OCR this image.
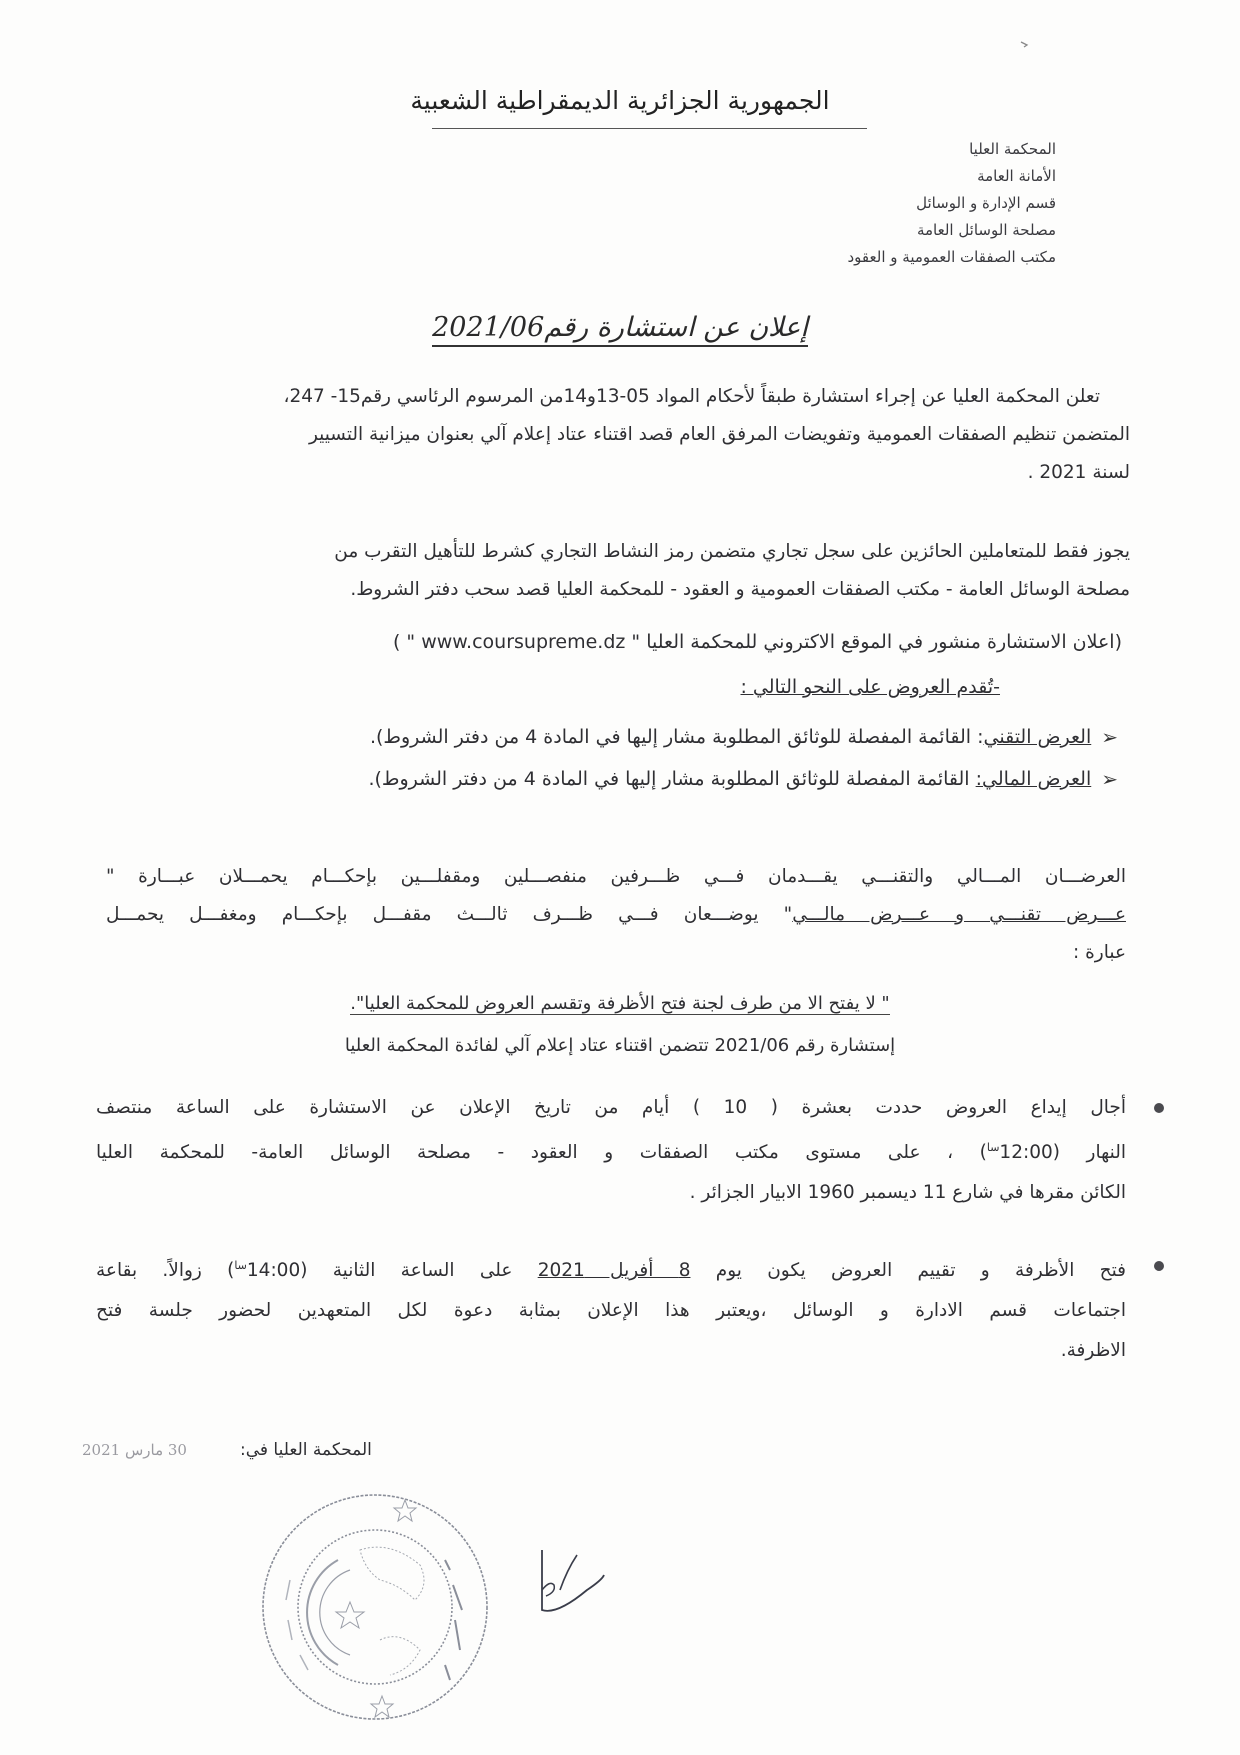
الجمهورية الجزائرية الديمقراطية الشعبية
المحكمة العليا
الأمانة العامة
قسم الإدارة و الوسائل
مصلحة الوسائل العامة
مكتب الصفقات العمومية و العقود
إعلان عن استشارة رقم2021/06
تعلن المحكمة العليا عن إجراء استشارة طبقاً لأحكام المواد 05-13و14من المرسوم الرئاسي رقم15- 247،
المتضمن تنظيم الصفقات العمومية وتفويضات المرفق العام قصد اقتناء عتاد إعلام آلي بعنوان ميزانية التسيير
لسنة 2021 .
يجوز فقط للمتعاملين الحائزين على سجل تجاري متضمن رمز النشاط التجاري كشرط للتأهيل التقرب من
مصلحة الوسائل العامة - مكتب الصفقات العمومية و العقود - للمحكمة العليا قصد سحب دفتر الشروط.
(اعلان الاستشارة منشور في الموقع الاكتروني للمحكمة العليا " www.coursupreme.dz " )
-تُقدم العروض على النحو التالي :
➢
العرض التقني: القائمة المفصلة للوثائق المطلوبة مشار إليها في المادة 4 من دفتر الشروط).
➢
العرض المالي: القائمة المفصلة للوثائق المطلوبة مشار إليها في المادة 4 من دفتر الشروط).
العرضـــان المـــالي والتقنـــي يقـــدمان فـــي ظـــرفين منفصـــلين ومقفلـــين بإحكـــام يحمـــلان عبـــارة "
عـــرض تقنـــي و عـــرض مالـــي" يوضـــعان فـــي ظـــرف ثالـــث مقفـــل بإحكـــام ومغفـــل يحمـــل
عبارة :
" لا يفتح الا من طرف لجنة فتح الأظرفة وتقسم العروض للمحكمة العليا".
إستشارة رقم 2021/06 تتضمن اقتناء عتاد إعلام آلي لفائدة المحكمة العليا
أجال إيداع العروض حددت بعشرة ( 10 ) أيام من تاريخ الإعلان عن الاستشارة على الساعة منتصف
النهار $(12:00^{سا})$ ، على مستوى مكتب الصفقات و العقود - مصلحة الوسائل العامة- للمحكمة العليا
الكائن مقرها في شارع 11 ديسمبر 1960 الابيار الجزائر .
فتح الأظرفة و تقييم العروض يكون يوم 8 أفريل 2021 على الساعة الثانية $(14:00^{سا})$ زوالاً. بقاعة
اجتماعات قسم الادارة و الوسائل ،ويعتبر هذا الإعلان بمثابة دعوة لكل المتعهدين لحضور جلسة فتح
الاظرفة.
المحكمة العليا في:
30 مارس 2021
